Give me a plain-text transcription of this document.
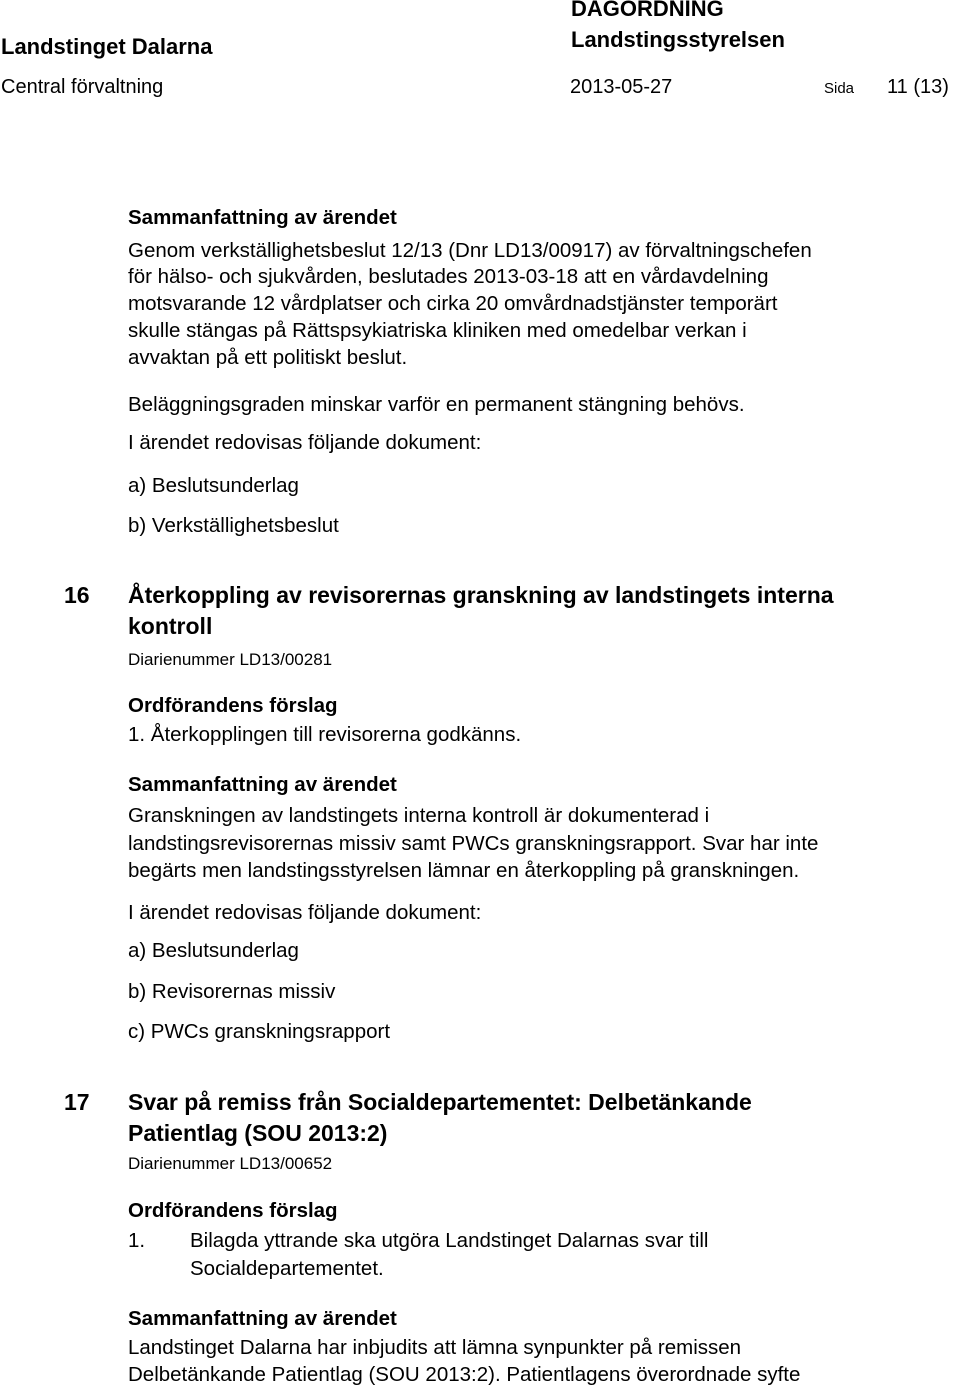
Landstinget Dalarna
DAGORDNING
Landstingsstyrelsen
Central förvaltning	2013-05-27	Sida 11 (13)
Sammanfattning av ärendet
Genom verkställighetsbeslut 12/13 (Dnr LD13/00917) av förvaltningschefen
för hälso- och sjukvården, beslutades 2013-03-18 att en vårdavdelning
motsvarande 12 vårdplatser och cirka 20 omvårdnadstjänster temporärt
skulle stängas på Rättspsykiatriska kliniken med omedelbar verkan i
avvaktan på ett politiskt beslut.
Beläggningsgraden minskar varför en permanent stängning behövs.
I ärendet redovisas följande dokument:
a) Beslutsunderlag
b) Verkställighetsbeslut
16 Återkoppling av revisorernas granskning av landstingets interna
kontroll
Diarienummer LD13/00281
Ordförandens förslag
1. Återkopplingen till revisorerna godkänns.
Sammanfattning av ärendet
Granskningen av landstingets interna kontroll är dokumenterad i
landstingsrevisorernas missiv samt PWCs granskningsrapport. Svar har inte
begärts men landstingsstyrelsen lämnar en återkoppling på granskningen.
I ärendet redovisas följande dokument:
a) Beslutsunderlag
b) Revisorernas missiv
c) PWCs granskningsrapport
17 Svar på remiss från Socialdepartementet: Delbetänkande
Patientlag (SOU 2013:2)
Diarienummer LD13/00652
Ordförandens förslag
1. Bilagda yttrande ska utgöra Landstinget Dalarnas svar till
Socialdepartementet.
Sammanfattning av ärendet
Landstinget Dalarna har inbjudits att lämna synpunkter på remissen
Delbetänkande Patientlag (SOU 2013:2). Patientlagens överordnade syfte
